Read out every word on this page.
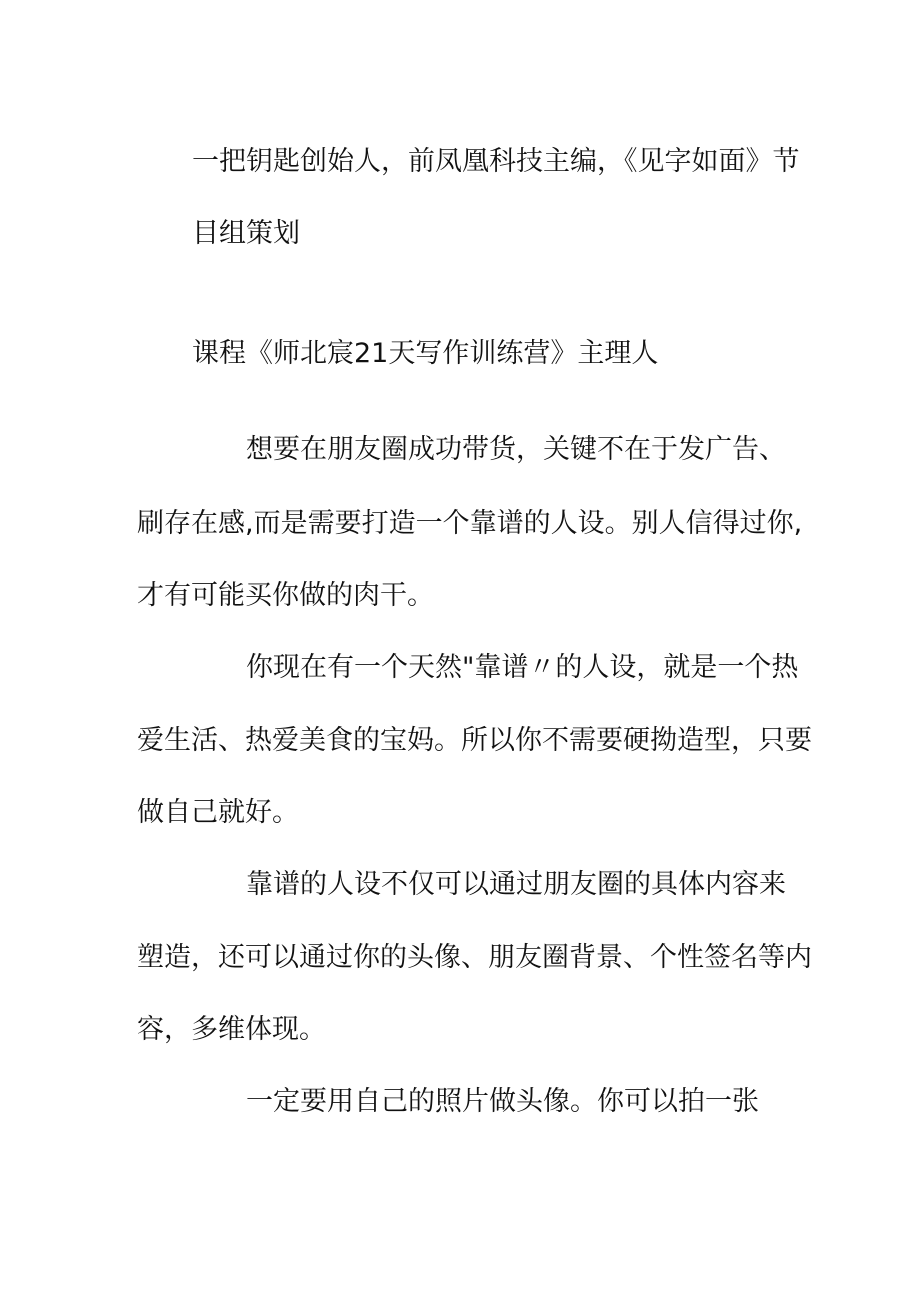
一把钥匙创始人，前凤凰科技主编，《见字如面》节
目组策划
课程《师北宸21天写作训练营》主理人
想要在朋友圈成功带货，关键不在于发广告、
刷存在感,而是需要打造一个靠谱的人设。别人信得过你,
才有可能买你做的肉干。
你现在有一个天然"靠谱〃的人设，就是一个热
爱生活、热爱美食的宝妈。所以你不需要硬拗造型，只要
做自己就好。
靠谱的人设不仅可以通过朋友圈的具体内容来
塑造，还可以通过你的头像、朋友圈背景、个性签名等内
容，多维体现。
一定要用自己的照片做头像。你可以拍一张
